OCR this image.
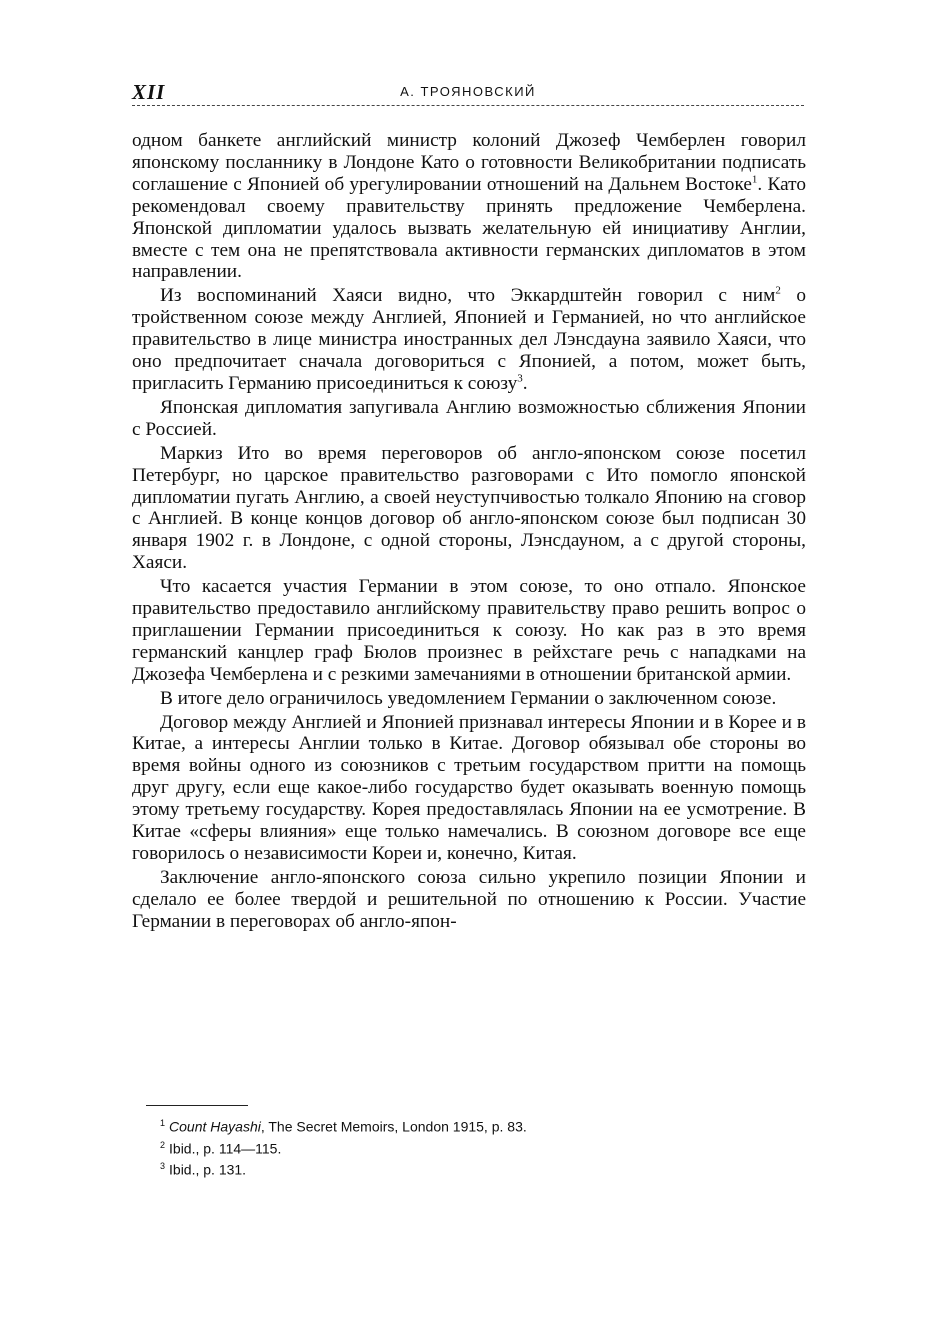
XII	А. ТРОЯНОВСКИЙ

одном банкете английский министр колоний Джозеф Чемберлен говорил японскому посланнику в Лондоне Като о готовности Великобритании подписать соглашение с Японией об урегулировании отношений на Дальнем Востоке$^1$. Като рекомендовал своему правительству принять предложение Чемберлена. Японской дипломатии удалось вызвать желательную ей инициативу Англии, вместе с тем она не препятствовала активности германских дипломатов в этом направлении.

Из воспоминаний Хаяси видно, что Эккардштейн говорил с ним$^2$ о тройственном союзе между Англией, Японией и Германией, но что английское правительство в лице министра иностранных дел Лэнсдауна заявило Хаяси, что оно предпочитает сначала договориться с Японией, а потом, может быть, пригласить Германию присоединиться к союзу$^3$.

Японская дипломатия запугивала Англию возможностью сближения Японии с Россией.

Маркиз Ито во время переговоров об англо-японском союзе посетил Петербург, но царское правительство разговорами с Ито помогло японской дипломатии пугать Англию, а своей неуступчивостью толкало Японию на сговор с Англией. В конце концов договор об англо-японском союзе был подписан 30 января 1902 г. в Лондоне, с одной стороны, Лэнсдауном, а с другой стороны, Хаяси.

Что касается участия Германии в этом союзе, то оно отпало. Японское правительство предоставило английскому правительству право решить вопрос о приглашении Германии присоединиться к союзу. Но как раз в это время германский канцлер граф Бюлов произнес в рейхстаге речь с нападками на Джозефа Чемберлена и с резкими замечаниями в отношении британской армии.

В итоге дело ограничилось уведомлением Германии о заключенном союзе.

Договор между Англией и Японией признавал интересы Японии и в Корее и в Китае, а интересы Англии только в Китае. Договор обязывал обе стороны во время войны одного из союзников с третьим государством притти на помощь друг другу, если еще какое-либо государство будет оказывать военную помощь этому третьему государству. Корея предоставлялась Японии на ее усмотрение. В Китае «сферы влияния» еще только намечались. В союзном договоре все еще говорилось о независимости Кореи и, конечно, Китая.

Заключение англо-японского союза сильно укрепило позиции Японии и сделало ее более твердой и решительной по отношению к России. Участие Германии в переговорах об англо-япон-

$^1$ Count Hayashi, The Secret Memoirs, London 1915, p. 83.

$^2$ Ibid., p. 114—115.

$^3$ Ibid., p. 131.
